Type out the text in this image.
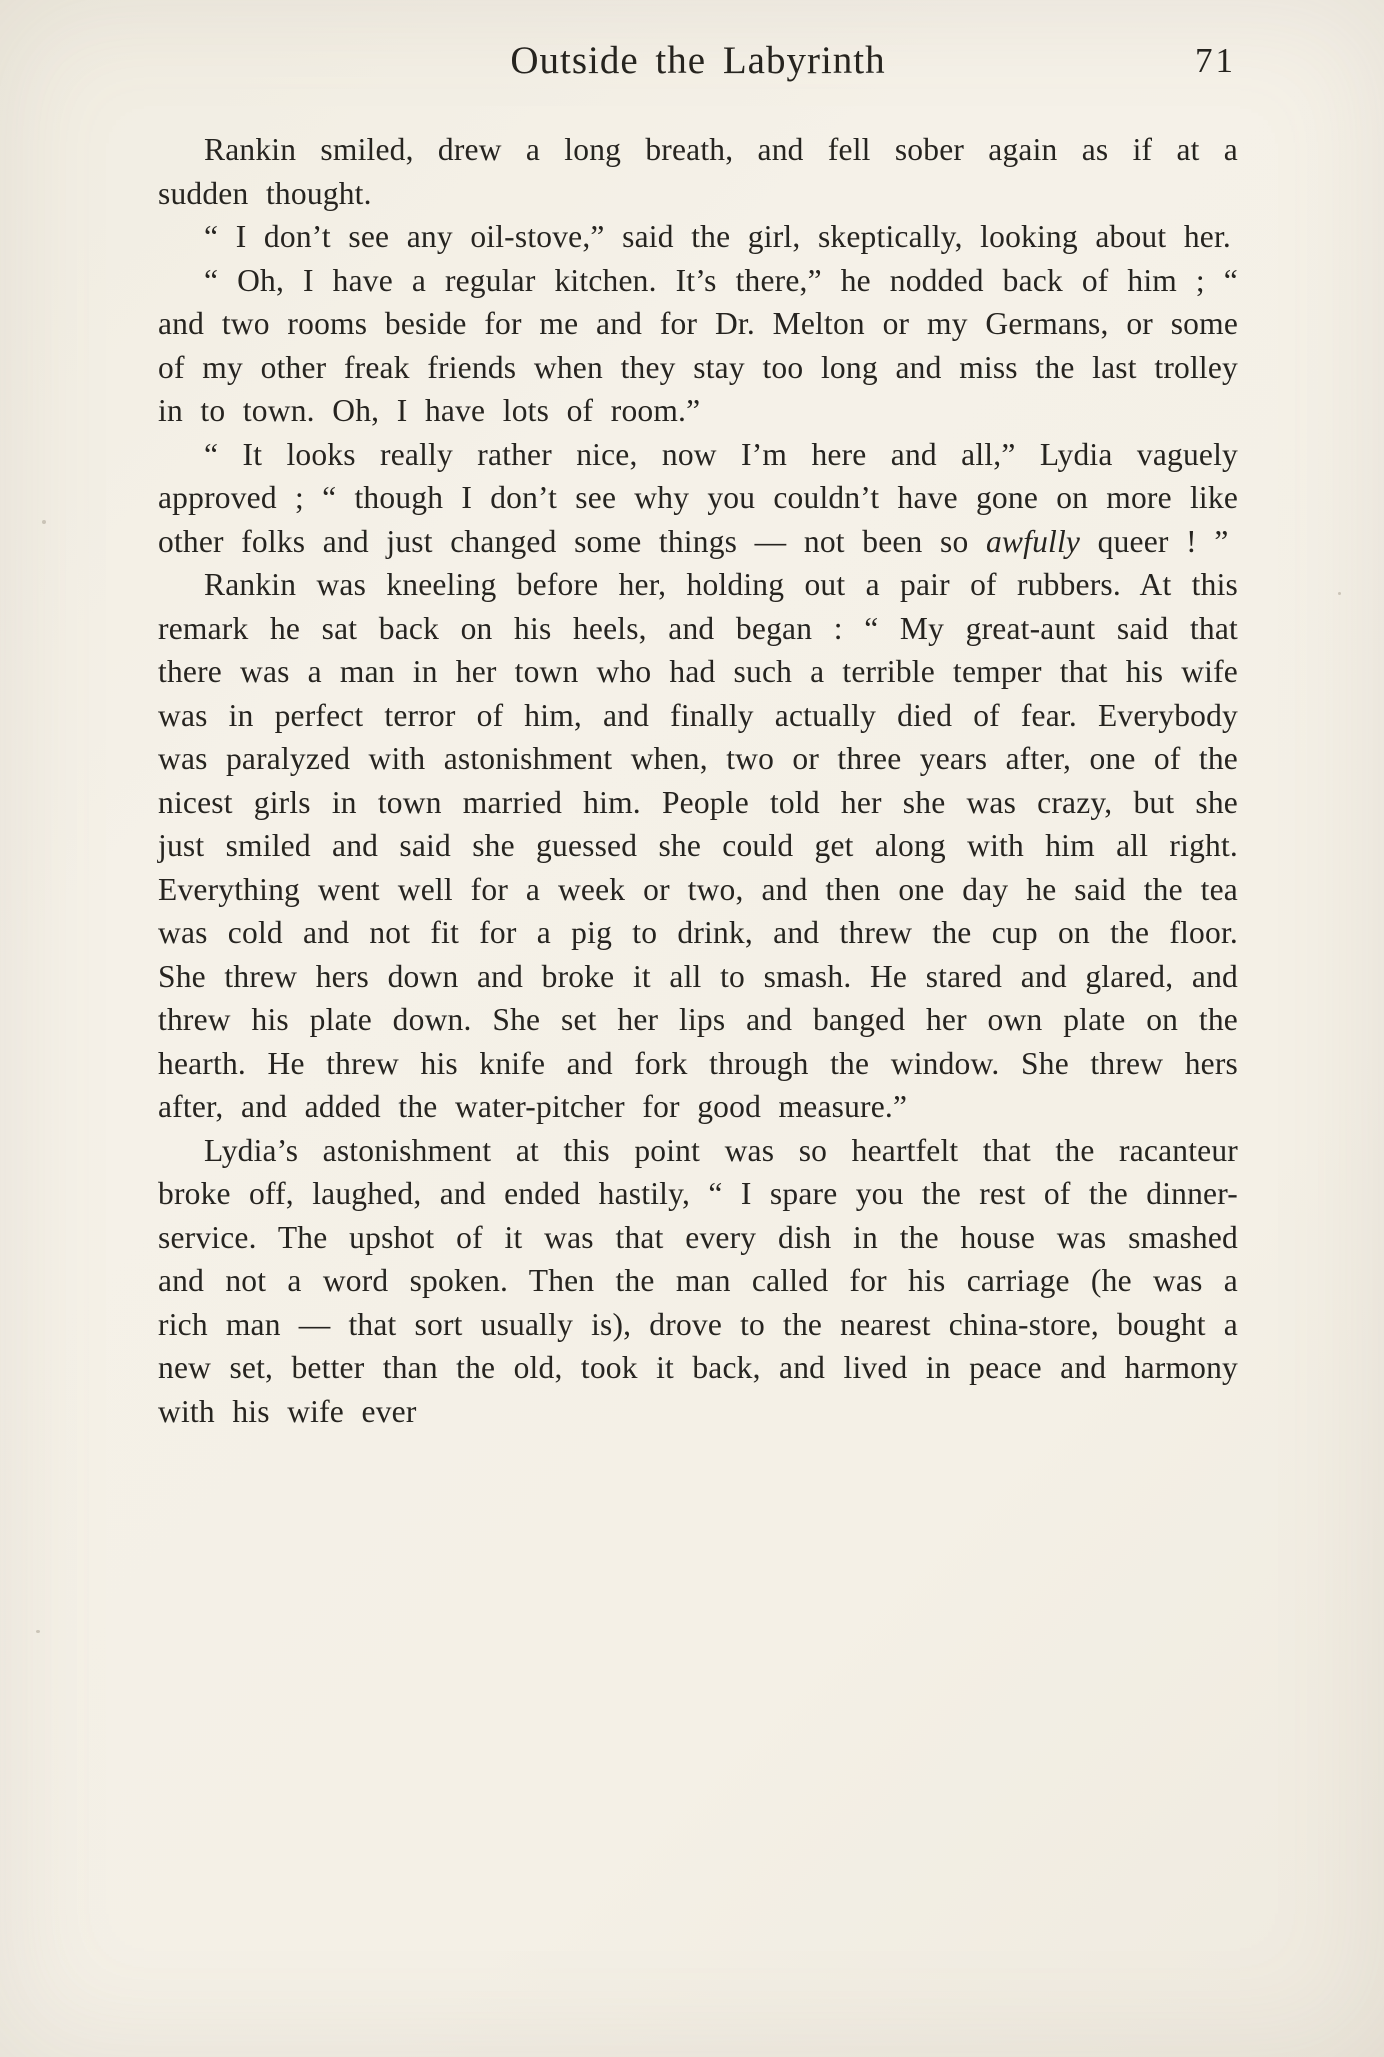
Outside the Labyrinth	71

Rankin smiled, drew a long breath, and fell sober again as if at a sudden thought.

“ I don’t see any oil-stove,” said the girl, skeptically, looking about her.

“ Oh, I have a regular kitchen. It’s there,” he nodded back of him ; “ and two rooms beside for me and for Dr. Melton or my Germans, or some of my other freak friends when they stay too long and miss the last trolley in to town. Oh, I have lots of room.”

“ It looks really rather nice, now I’m here and all,” Lydia vaguely approved ; “ though I don’t see why you couldn’t have gone on more like other folks and just changed some things — not been so awfully queer ! ”

Rankin was kneeling before her, holding out a pair of rubbers. At this remark he sat back on his heels, and began : “ My great-aunt said that there was a man in her town who had such a terrible temper that his wife was in perfect terror of him, and finally actually died of fear. Everybody was paralyzed with astonishment when, two or three years after, one of the nicest girls in town married him. People told her she was crazy, but she just smiled and said she guessed she could get along with him all right. Everything went well for a week or two, and then one day he said the tea was cold and not fit for a pig to drink, and threw the cup on the floor. She threw hers down and broke it all to smash. He stared and glared, and threw his plate down. She set her lips and banged her own plate on the hearth. He threw his knife and fork through the window. She threw hers after, and added the water-pitcher for good measure.”

Lydia’s astonishment at this point was so heartfelt that the racanteur broke off, laughed, and ended hastily, “ I spare you the rest of the dinner-service. The upshot of it was that every dish in the house was smashed and not a word spoken. Then the man called for his carriage (he was a rich man — that sort usually is), drove to the nearest china-store, bought a new set, better than the old, took it back, and lived in peace and harmony with his wife ever
